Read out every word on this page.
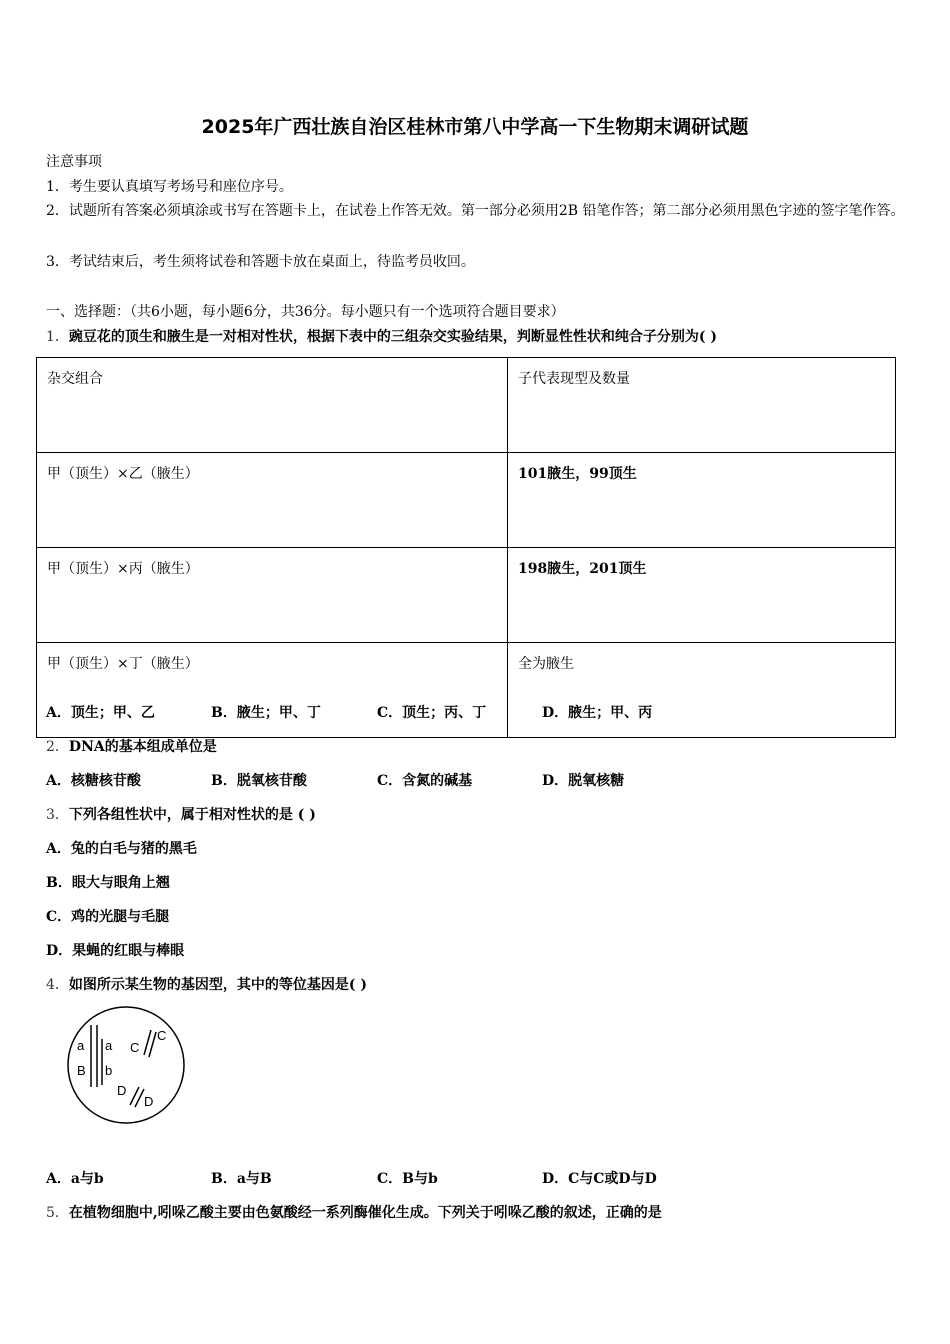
2025年广西壮族自治区桂林市第八中学高一下生物期末调研试题
注意事项
1．考生要认真填写考场号和座位序号。
2．试题所有答案必须填涂或书写在答题卡上，在试卷上作答无效。第一部分必须用2B 铅笔作答；第二部分必须用黑色字迹的签字笔作答。
3．考试结束后，考生须将试卷和答题卡放在桌面上，待监考员收回。
一、选择题：（共6小题，每小题6分，共36分。每小题只有一个选项符合题目要求）
1．豌豆花的顶生和腋生是一对相对性状，根据下表中的三组杂交实验结果，判断显性性状和纯合子分别为( )
杂交组合	子代表现型及数量
甲（顶生）×乙（腋生）	101腋生，99顶生
甲（顶生）×丙（腋生）	198腋生，201顶生
甲（顶生）×丁（腋生）	全为腋生
A．顶生；甲、乙	B．腋生；甲、丁	C．顶生；丙、丁	D．腋生；甲、丙
2．DNA的基本组成单位是
A．核糖核苷酸	B．脱氧核苷酸	C．含氮的碱基	D．脱氧核糖
3．下列各组性状中，属于相对性状的是 ( )
A．兔的白毛与猪的黑毛
B．眼大与眼角上翘
C．鸡的光腿与毛腿
D．果蝇的红眼与棒眼
4．如图所示某生物的基因型，其中的等位基因是( )
a a
B b
C
C
D
D
A．a与b	B．a与B	C．B与b	D．C与C或D与D
5．在植物细胞中,吲哚乙酸主要由色氨酸经一系列酶催化生成。下列关于吲哚乙酸的叙述，正确的是
